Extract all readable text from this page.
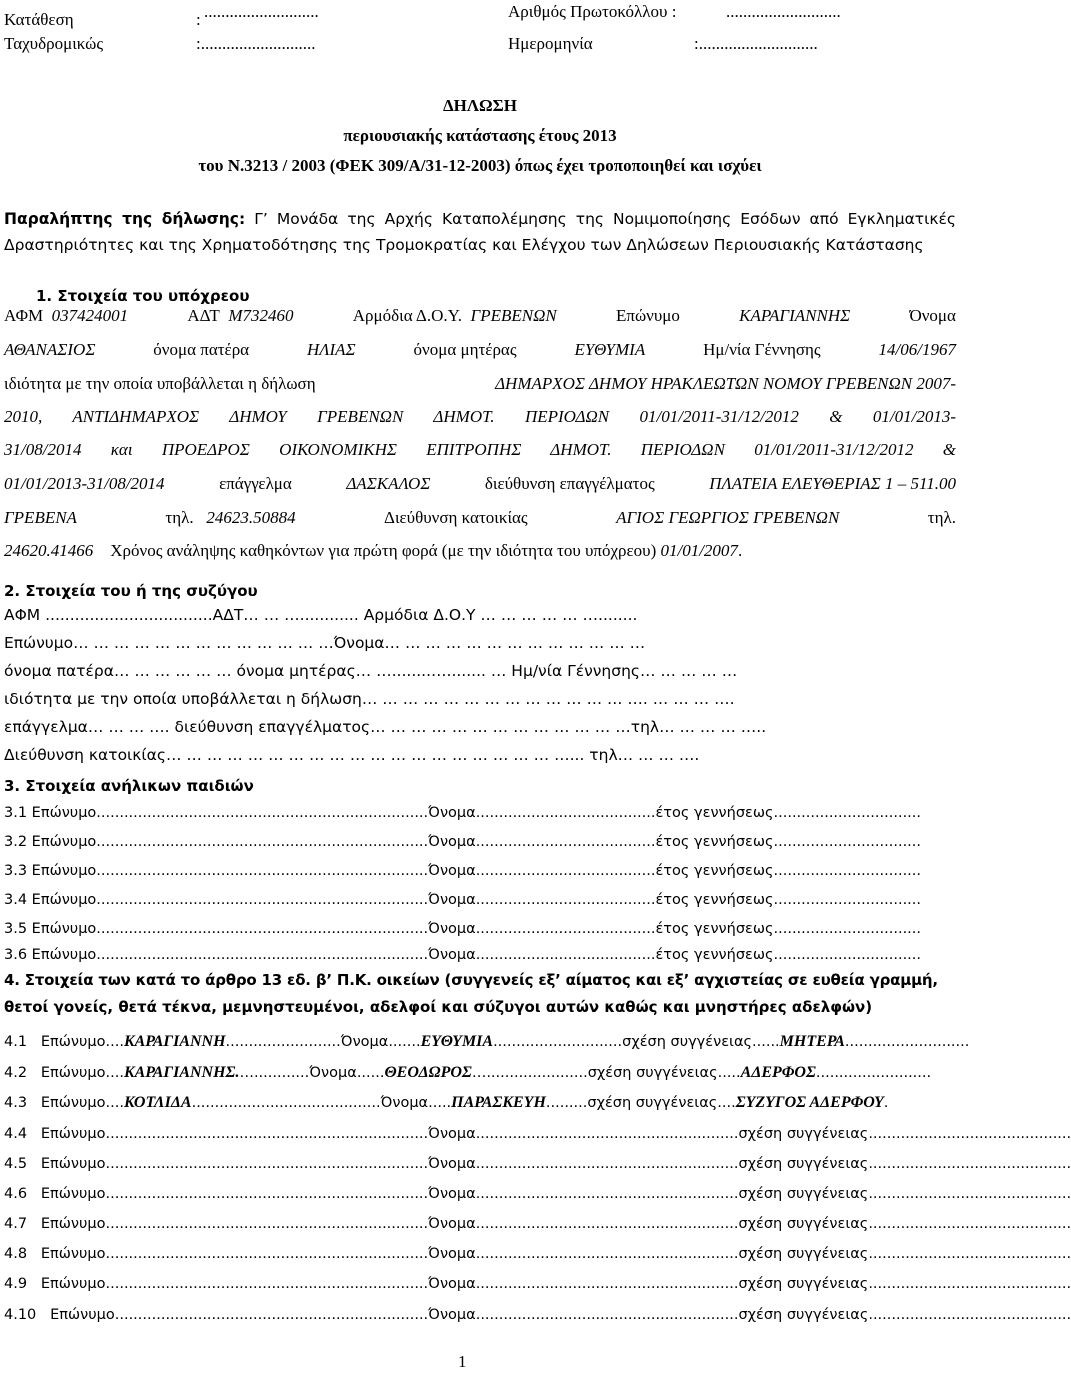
Κατάθεση	: ...........................
Ταχυδρομικώς	:...........................
Αριθμός Πρωτοκόλλου :	...........................
Ημερομηνία	:............................
ΔΗΛΩΣΗ
περιουσιακής κατάστασης έτους 2013
του Ν.3213 / 2003 (ΦΕΚ 309/Α/31-12-2003) όπως έχει τροποποιηθεί και ισχύει
Παραλήπτης της δήλωσης: Γ’ Μονάδα της Αρχής Καταπολέμησης της Νομιμοποίησης Εσόδων από Εγκληματικές
Δραστηριότητες και της Χρηματοδότησης της Τρομοκρατίας και Ελέγχου των Δηλώσεων Περιουσιακής Κατάστασης
1. Στοιχεία του υπόχρεου
ΑΦΜ 037424001	ΑΔΤ Μ732460	Αρμόδια Δ.Ο.Υ. ΓΡΕΒΕΝΩΝ	Επώνυμο	ΚΑΡΑΓΙΑΝΝΗΣ	Όνομα
ΑΘΑΝΑΣΙΟΣ	όνομα πατέρα	ΗΛΙΑΣ	όνομα μητέρας	ΕΥΘΥΜΙΑ	Ημ/νία Γέννησης	14/06/1967
ιδιότητα με την οποία υποβάλλεται η δήλωση	ΔΗΜΑΡΧΟΣ ΔΗΜΟΥ ΗΡΑΚΛΕΩΤΩΝ ΝΟΜΟΥ ΓΡΕΒΕΝΩΝ 2007-
2010, ΑΝΤΙΔΗΜΑΡΧΟΣ ΔΗΜΟΥ ΓΡΕΒΕΝΩΝ ΔΗΜΟΤ. ΠΕΡΙΟΔΩΝ 01/01/2011-31/12/2012 & 01/01/2013-
31/08/2014 και ΠΡΟΕΔΡΟΣ ΟΙΚΟΝΟΜΙΚΗΣ ΕΠΙΤΡΟΠΗΣ ΔΗΜΟΤ. ΠΕΡΙΟΔΩΝ 01/01/2011-31/12/2012 &
01/01/2013-31/08/2014	επάγγελμα	ΔΑΣΚΑΛΟΣ	διεύθυνση επαγγέλματος	ΠΛΑΤΕΙΑ ΕΛΕΥΘΕΡΙΑΣ 1 – 511.00
ΓΡΕΒΕΝΑ	τηλ. 24623.50884	Διεύθυνση κατοικίας	ΑΓΙΟΣ ΓΕΩΡΓΙΟΣ ΓΡΕΒΕΝΩΝ	τηλ.
24620.41466 Χρόνος ανάληψης καθηκόντων για πρώτη φορά (με την ιδιότητα του υπόχρεου) 01/01/2007.
2. Στοιχεία του ή της συζύγου
ΑΦΜ ..................................ΑΔΤ… … …............ Αρμόδια Δ.Ο.Υ … … … … … …........
Επώνυμο… … … … … … … … … … … … …Όνομα… … … … … … … … … … … … …
όνομα πατέρα… … … … … … όνομα μητέρας… …........…........ … Ημ/νία Γέννησης… … … … …
ιδιότητα με την οποία υποβάλλεται η δήλωση… … … … … … … … … … … … … …. … … … ….
επάγγελμα… … … …. διεύθυνση επαγγέλματος… … … … … … … … … … … … …τηλ… … … … …..
Διεύθυνση κατοικίας… … … … … … … … … … … … … … … … … … … …... τηλ… … … ….
3. Στοιχεία ανήλικων παιδιών
3.1 Επώνυμο........................................................................Όνομα.......................................έτος γεννήσεως................................
3.2 Επώνυμο........................................................................Όνομα.......................................έτος γεννήσεως................................
3.3 Επώνυμο........................................................................Όνομα.......................................έτος γεννήσεως................................
3.4 Επώνυμο........................................................................Όνομα.......................................έτος γεννήσεως................................
3.5 Επώνυμο........................................................................Όνομα.......................................έτος γεννήσεως................................
3.6 Επώνυμο........................................................................Όνομα.......................................έτος γεννήσεως................................
4. Στοιχεία των κατά το άρθρο 13 εδ. β’ Π.Κ. οικείων (συγγενείς εξ’ αίματος και εξ’ αγχιστείας σε ευθεία γραμμή,
θετοί γονείς, θετά τέκνα, μεμνηστευμένοι, αδελφοί και σύζυγοι αυτών καθώς και μνηστήρες αδελφών)
4.1 Επώνυμο....ΚΑΡΑΓΙΑΝΝΗ.........................Όνομα.......ΕΥΘΥΜΙΑ............................σχέση συγγένειας......ΜΗΤΕΡΑ...........................
4.2 Επώνυμο....ΚΑΡΑΓΙΑΝΝΗΣ.…............Όνομα......ΘΕΟΔΩΡΟΣ…......................σχέση συγγένειας.....ΑΔΕΡΦΟΣ.........................
4.3 Επώνυμο....ΚΟΤΛΙΔΑ.........................................Όνομα.....ΠΑΡΑΣΚΕΥΗ.........σχέση συγγένειας....ΣΥΖΥΓΟΣ ΑΔΕΡΦΟΥ.
4.4 Επώνυμο......................................................................Όνομα.........................................................σχέση συγγένειας............................................
4.5 Επώνυμο......................................................................Όνομα.........................................................σχέση συγγένειας............................................
4.6 Επώνυμο......................................................................Όνομα.........................................................σχέση συγγένειας............................................
4.7 Επώνυμο......................................................................Όνομα.........................................................σχέση συγγένειας............................................
4.8 Επώνυμο......................................................................Όνομα.........................................................σχέση συγγένειας............................................
4.9 Επώνυμο......................................................................Όνομα.........................................................σχέση συγγένειας............................................
4.10 Επώνυμο....................................................................Όνομα.........................................................σχέση συγγένειας............................................
1
